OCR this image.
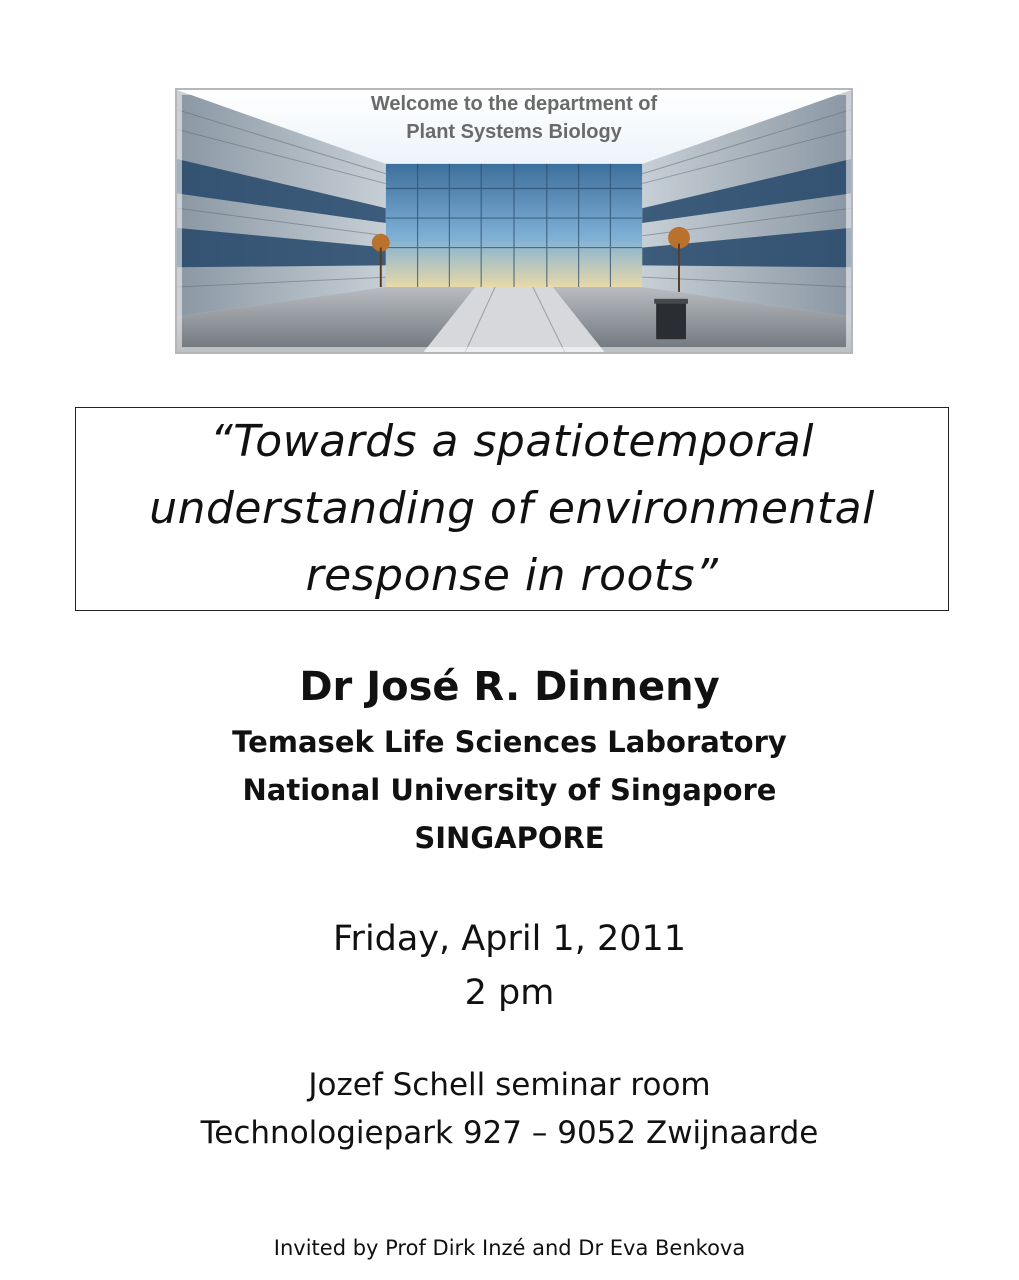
Welcome to the department of
Plant Systems Biology
“Towards a spatiotemporal
understanding of environmental
response in roots”
Dr José R. Dinneny
Temasek Life Sciences Laboratory
National University of Singapore
SINGAPORE
Friday, April 1, 2011
2 pm
Jozef Schell seminar room
Technologiepark 927 – 9052 Zwijnaarde
Invited by Prof Dirk Inzé and Dr Eva Benkova
